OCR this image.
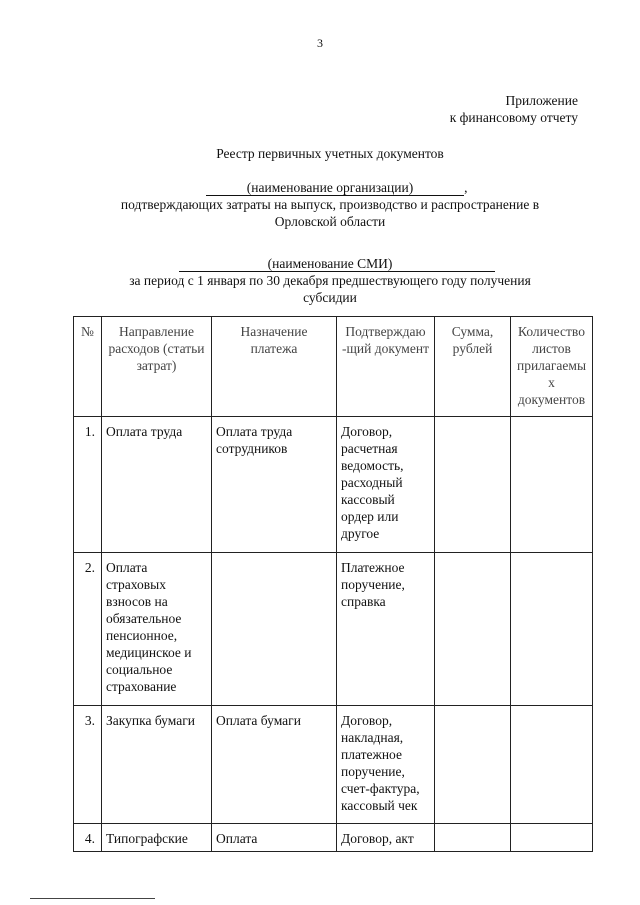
3
Приложение
к финансовому отчету
Реестр первичных учетных документов

,

(наименование организации)
подтверждающих затраты на выпуск, производство и распространение в
Орловской области

(наименование СМИ)
за период с 1 января по 30 декабря предшествующего году получения
субсидии
№	Направление расходов (статьи затрат)	Назначение платежа	Подтверждаю -щий документ	Сумма, рублей	Количество листов прилагаемы х документов
1.	Оплата труда	Оплата труда сотрудников	Договор, расчетная ведомость, расходный кассовый ордер или другое		
2.	Оплата страховых взносов на обязательное пенсионное, медицинское и социальное страхование		Платежное поручение, справка		
3.	Закупка бумаги	Оплата бумаги	Договор, накладная, платежное поручение, счет-фактура, кассовый чек		
4.	Типографские	Оплата	Договор, акт		
